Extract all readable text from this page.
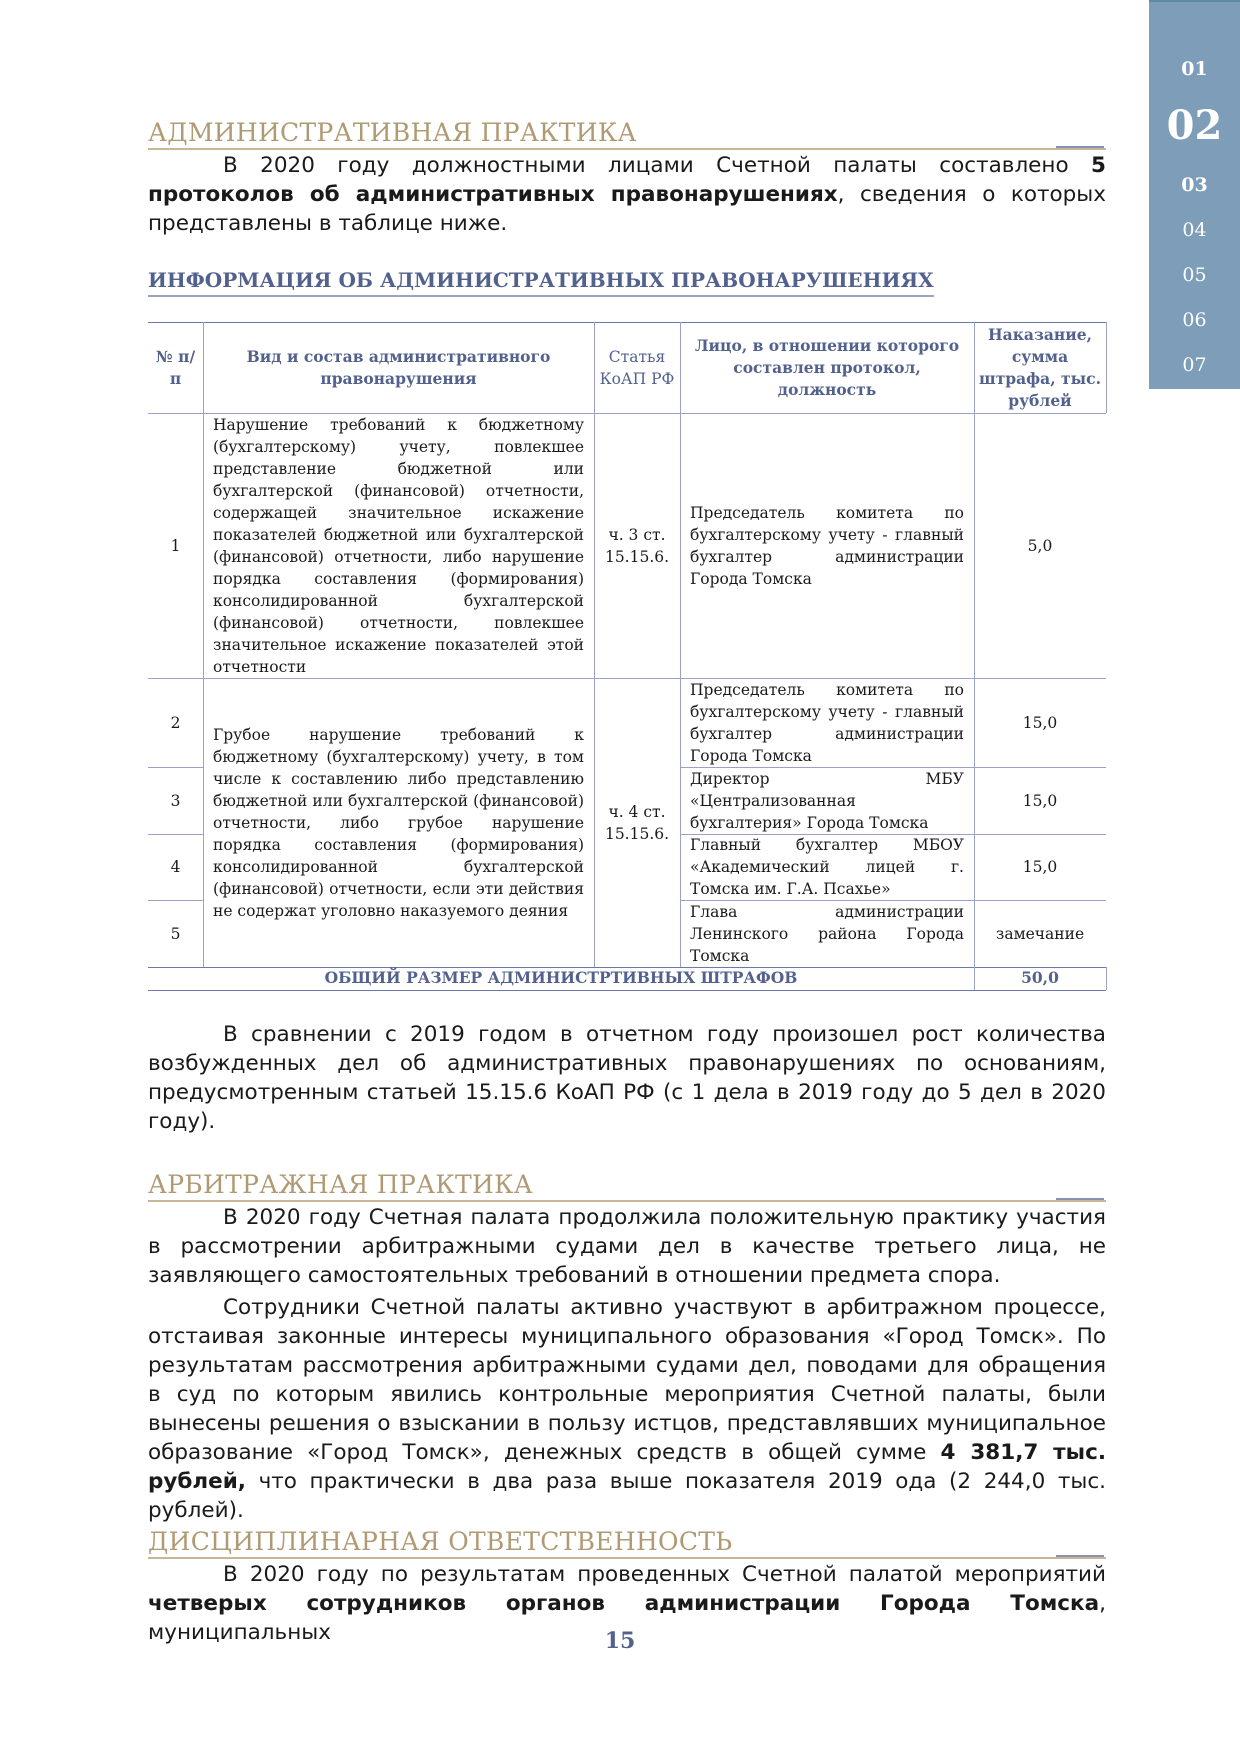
01
02
03
04
05
06
07
АДМИНИСТРАТИВНАЯ ПРАКТИКА

В 2020 году должностными лицами Счетной палаты составлено 5 протоколов об административных правонарушениях, сведения о которых представлены в таблице ниже.

ИНФОРМАЦИЯ ОБ АДМИНИСТРАТИВНЫХ ПРАВОНАРУШЕНИЯХ
№ п/п
Вид и состав административного правонарушения
Статья КоАП РФ
Лицо, в отношении которого составлен протокол, должность
Наказание, сумма штрафа, тыс. рублей
1
Нарушение требований к бюджетному (бухгалтерскому) учету, повлекшее представление бюджетной или бухгалтерской (финансовой) отчетности, содержащей значительное искажение показателей бюджетной или бухгалтерской (финансовой) отчетности, либо нарушение порядка составления (формирования) консолидированной бухгалтерской (финансовой) отчетности, повлекшее значительное искажение показателей этой отчетности
ч. 3 ст. 15.15.6.
Председатель комитета по бухгалтерскому учету - главный бухгалтер администрации Города Томска
5,0
Грубое нарушение требований к бюджетному (бухгалтерскому) учету, в том числе к составлению либо представлению бюджетной или бухгалтерской (финансовой) отчетности, либо грубое нарушение порядка составления (формирования) консолидированной бухгалтерской (финансовой) отчетности, если эти действия не содержат уголовно наказуемого деяния
ч. 4 ст. 15.15.6.
2
Председатель комитета по бухгалтерскому учету - главный бухгалтер администрации Города Томска
15,0
3
Директор МБУ «Централизованная бухгалтерия» Города Томска
15,0
4
Главный бухгалтер МБОУ «Академический лицей г. Томска им. Г.А. Псахье»
15,0
5
Глава администрации Ленинского района Города Томска
замечание
ОБЩИЙ РАЗМЕР АДМИНИСТРТИВНЫХ ШТРАФОВ	50,0

В сравнении с 2019 годом в отчетном году произошел рост количества возбужденных дел об административных правонарушениях по основаниям, предусмотренным статьей 15.15.6 КоАП РФ (с 1 дела в 2019 году до 5 дел в 2020 году).

АРБИТРАЖНАЯ ПРАКТИКА

В 2020 году Счетная палата продолжила положительную практику участия в рассмотрении арбитражными судами дел в качестве третьего лица, не заявляющего самостоятельных требований в отношении предмета спора.

Сотрудники Счетной палаты активно участвуют в арбитражном процессе, отстаивая законные интересы муниципального образования «Город Томск». По результатам рассмотрения арбитражными судами дел, поводами для обращения в суд по которым явились контрольные мероприятия Счетной палаты, были вынесены решения о взыскании в пользу истцов, представлявших муниципальное образование «Город Томск», денежных средств в общей сумме 4 381,7 тыс. рублей, что практически в два раза выше показателя 2019 ода (2 244,0 тыс. рублей).

ДИСЦИПЛИНАРНАЯ ОТВЕТСТВЕННОСТЬ

В 2020 году по результатам проведенных Счетной палатой мероприятий четверых сотрудников органов администрации Города Томска, муниципальных	15
